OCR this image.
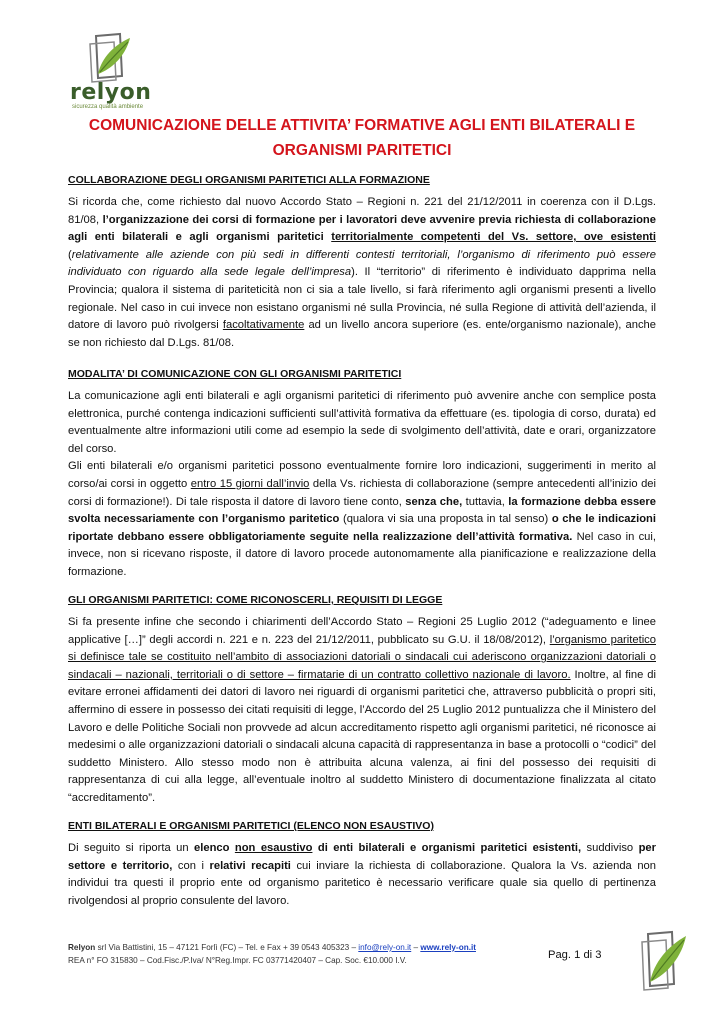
relyon
sicurezza qualità ambiente
COMUNICAZIONE DELLE ATTIVITA’ FORMATIVE AGLI ENTI BILATERALI E
ORGANISMI PARITETICI

COLLABORAZIONE DEGLI ORGANISMI PARITETICI ALLA FORMAZIONE

Si ricorda che, come richiesto dal nuovo Accordo Stato – Regioni n. 221 del 21/12/2011 in coerenza con il D.Lgs. 81/08, l’organizzazione dei corsi di formazione per i lavoratori deve avvenire previa richiesta di collaborazione agli enti bilaterali e agli organismi paritetici territorialmente competenti del Vs. settore, ove esistenti (relativamente alle aziende con più sedi in differenti contesti territoriali, l’organismo di riferimento può essere individuato con riguardo alla sede legale dell’impresa). Il “territorio” di riferimento è individuato dapprima nella Provincia; qualora il sistema di pariteticità non ci sia a tale livello, si farà riferimento agli organismi presenti a livello regionale. Nel caso in cui invece non esistano organismi né sulla Provincia, né sulla Regione di attività dell’azienda, il datore di lavoro può rivolgersi facoltativamente ad un livello ancora superiore (es. ente/organismo nazionale), anche se non richiesto dal D.Lgs. 81/08.

MODALITA’ DI COMUNICAZIONE CON GLI ORGANISMI PARITETICI

La comunicazione agli enti bilaterali e agli organismi paritetici di riferimento può avvenire anche con semplice posta elettronica, purché contenga indicazioni sufficienti sull’attività formativa da effettuare (es. tipologia di corso, durata) ed eventualmente altre informazioni utili come ad esempio la sede di svolgimento dell’attività, date e orari, organizzatore del corso.

Gli enti bilaterali e/o organismi paritetici possono eventualmente fornire loro indicazioni, suggerimenti in merito al corso/ai corsi in oggetto entro 15 giorni dall’invio della Vs. richiesta di collaborazione (sempre antecedenti all’inizio dei corsi di formazione!). Di tale risposta il datore di lavoro tiene conto, senza che, tuttavia, la formazione debba essere svolta necessariamente con l’organismo paritetico (qualora vi sia una proposta in tal senso) o che le indicazioni riportate debbano essere obbligatoriamente seguite nella realizzazione dell’attività formativa. Nel caso in cui, invece, non si ricevano risposte, il datore di lavoro procede autonomamente alla pianificazione e realizzazione della formazione.

GLI ORGANISMI PARITETICI: COME RICONOSCERLI, REQUISITI DI LEGGE

Si fa presente infine che secondo i chiarimenti dell’Accordo Stato – Regioni 25 Luglio 2012 (“adeguamento e linee applicative […]” degli accordi n. 221 e n. 223 del 21/12/2011, pubblicato su G.U. il 18/08/2012), l’organismo paritetico si definisce tale se costituito nell’ambito di associazioni datoriali o sindacali cui aderiscono organizzazioni datoriali o sindacali – nazionali, territoriali o di settore – firmatarie di un contratto collettivo nazionale di lavoro. Inoltre, al fine di evitare erronei affidamenti dei datori di lavoro nei riguardi di organismi paritetici che, attraverso pubblicità o propri siti, affermino di essere in possesso dei citati requisiti di legge, l’Accordo del 25 Luglio 2012 puntualizza che il Ministero del Lavoro e delle Politiche Sociali non provvede ad alcun accreditamento rispetto agli organismi paritetici, né riconosce ai medesimi o alle organizzazioni datoriali o sindacali alcuna capacità di rappresentanza in base a protocolli o “codici” del suddetto Ministero. Allo stesso modo non è attribuita alcuna valenza, ai fini del possesso dei requisiti di rappresentanza di cui alla legge, all’eventuale inoltro al suddetto Ministero di documentazione finalizzata al citato “accreditamento”.

ENTI BILATERALI E ORGANISMI PARITETICI (ELENCO NON ESAUSTIVO)

Di seguito si riporta un elenco non esaustivo di enti bilaterali e organismi paritetici esistenti, suddiviso per settore e territorio, con i relativi recapiti cui inviare la richiesta di collaborazione. Qualora la Vs. azienda non individui tra questi il proprio ente od organismo paritetico è necessario verificare quale sia quello di pertinenza rivolgendosi al proprio consulente del lavoro.

Relyon srl Via Battistini, 15 – 47121 Forlì (FC) – Tel. e Fax + 39 0543 405323 – info@rely-on.it – www.rely-on.it
REA n° FO 315830 – Cod.Fisc./P.Iva/ N°Reg.Impr. FC 03771420407 – Cap. Soc. €10.000 I.V.	Pag. 1 di 3
